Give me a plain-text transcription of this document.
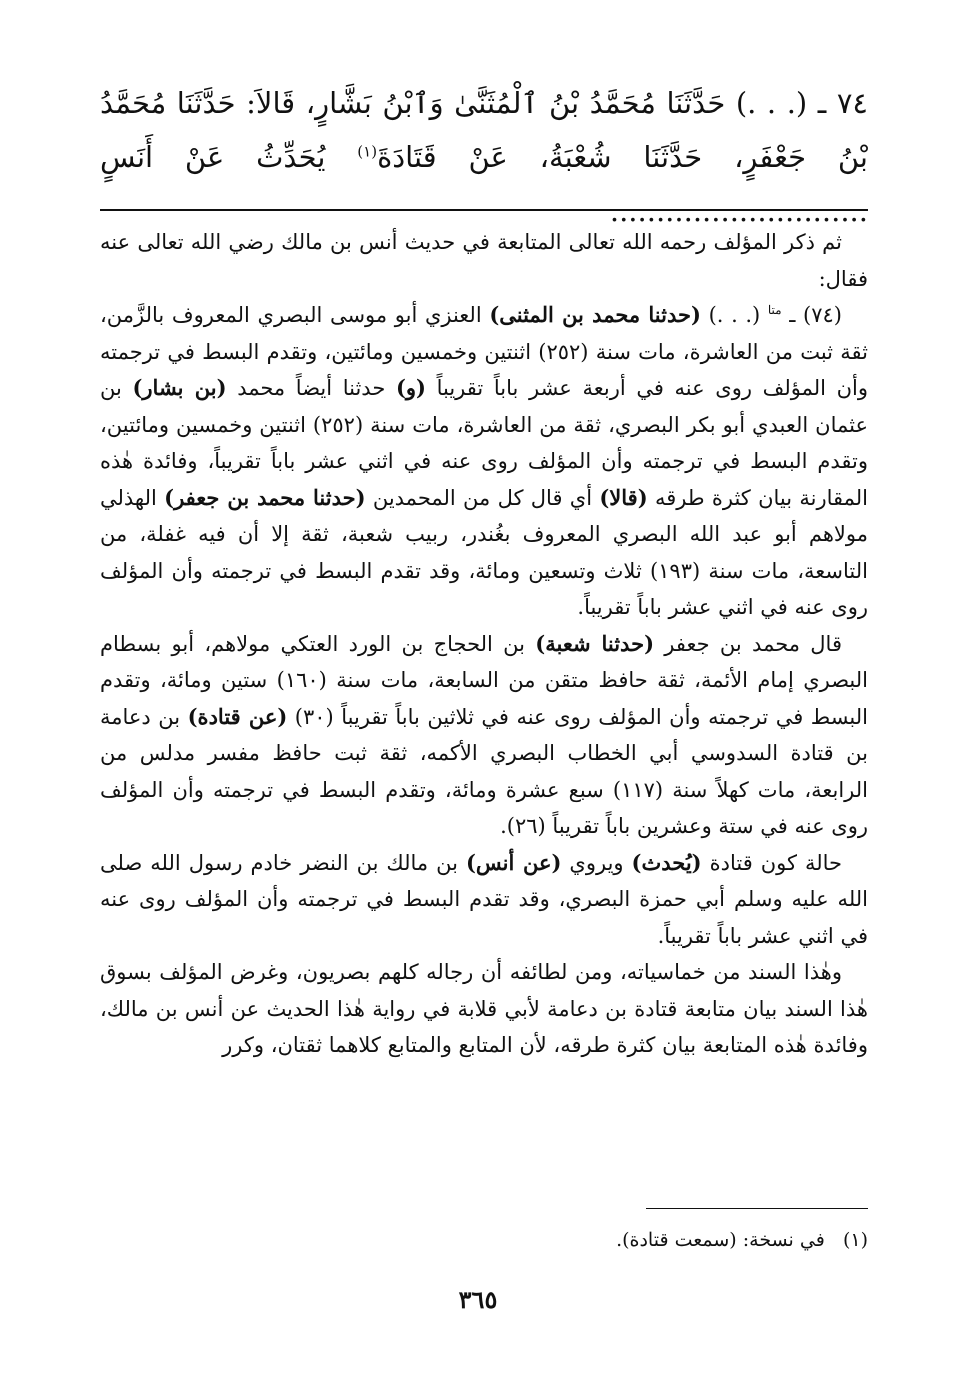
٧٤ ـ (. . .) حَدَّثَنَا مُحَمَّدُ بْنُ ٱلْمُثَنَّىٰ وَٱبْنُ بَشَّارٍ، قَالاَ: حَدَّثَنَا مُحَمَّدُ بْنُ جَعْفَرٍ، حَدَّثَنَا شُعْبَةُ، عَنْ قَتَادَةَ$^{(١)}$ يُحَدِّثُ عَنْ أَنَسٍ ............................

ثم ذكر المؤلف رحمه الله تعالى المتابعة في حديث أنس بن مالك رضي الله تعالى عنه فقال:

(٧٤) ـ $^{متا}$ (. . .) (حدثنا محمد بن المثنى) العنزي أبو موسى البصري المعروف بالزَّمن، ثقة ثبت من العاشرة، مات سنة (٢٥٢) اثنتين وخمسين ومائتين، وتقدم البسط في ترجمته وأن المؤلف روى عنه في أربعة عشر باباً تقريباً (و) حدثنا أيضاً محمد (بن بشار) بن عثمان العبدي أبو بكر البصري، ثقة من العاشرة، مات سنة (٢٥٢) اثنتين وخمسين ومائتين، وتقدم البسط في ترجمته وأن المؤلف روى عنه في اثني عشر باباً تقريباً، وفائدة هٰذه المقارنة بيان كثرة طرقه (قالا) أي قال كل من المحمدين (حدثنا محمد بن جعفر) الهذلي مولاهم أبو عبد الله البصري المعروف بغُندر، ربيب شعبة، ثقة إلا أن فيه غفلة، من التاسعة، مات سنة (١٩٣) ثلاث وتسعين ومائة، وقد تقدم البسط في ترجمته وأن المؤلف روى عنه في اثني عشر باباً تقريباً.

قال محمد بن جعفر (حدثنا شعبة) بن الحجاج بن الورد العتكي مولاهم، أبو بسطام البصري إمام الأئمة، ثقة حافظ متقن من السابعة، مات سنة (١٦٠) ستين ومائة، وتقدم البسط في ترجمته وأن المؤلف روى عنه في ثلاثين باباً تقريباً (٣٠) (عن قتادة) بن دعامة بن قتادة السدوسي أبي الخطاب البصري الأكمه، ثقة ثبت حافظ مفسر مدلس من الرابعة، مات كهلاً سنة (١١٧) سبع عشرة ومائة، وتقدم البسط في ترجمته وأن المؤلف روى عنه في ستة وعشرين باباً تقريباً (٢٦).

حالة كون قتادة (يُحدث) ويروي (عن أنس) بن مالك بن النضر خادم رسول الله صلى الله عليه وسلم أبي حمزة البصري، وقد تقدم البسط في ترجمته وأن المؤلف روى عنه في اثني عشر باباً تقريباً.

وهٰذا السند من خماسياته، ومن لطائفه أن رجاله كلهم بصريون، وغرض المؤلف بسوق هٰذا السند بيان متابعة قتادة بن دعامة لأبي قلابة في رواية هٰذا الحديث عن أنس بن مالك، وفائدة هٰذه المتابعة بيان كثرة طرقه، لأن المتابع والمتابع كلاهما ثقتان، وكرر

(١)   في نسخة: (سمعت قتادة).
٣٦٥
